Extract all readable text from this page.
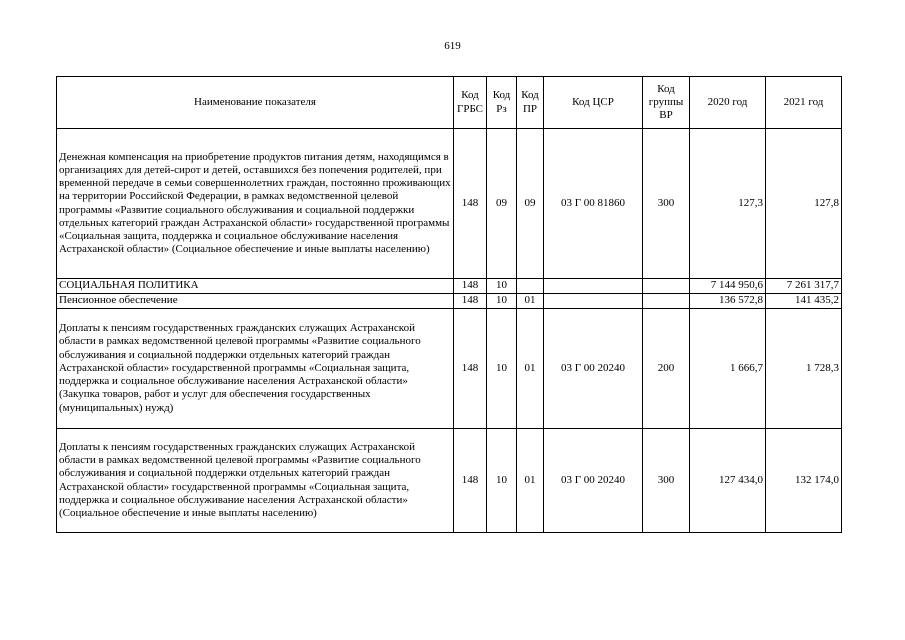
619
Наименование показателя	Код ГРБС	Код Рз	Код ПР	Код ЦСР	Код группы ВР	2020 год	2021 год
Денежная компенсация на приобретение продуктов питания детям, находящимся в организациях для детей-сирот и детей, оставшихся без попечения родителей, при временной передаче в семьи совершеннолетних граждан, постоянно проживающих на территории Российской Федерации, в рамках ведомственной целевой программы «Развитие социального обслуживания и социальной поддержки отдельных категорий граждан Астраханской области» государственной программы «Социальная защита, поддержка и социальное обслуживание населения Астраханской области» (Социальное обеспечение и иные выплаты населению)	148	09	09	03 Г 00 81860	300	127,3	127,8
СОЦИАЛЬНАЯ ПОЛИТИКА	148	10				7 144 950,6	7 261 317,7
Пенсионное обеспечение	148	10	01			136 572,8	141 435,2
Доплаты к пенсиям государственных гражданских служащих Астраханской области в рамках ведомственной целевой программы «Развитие социального обслуживания и социальной поддержки отдельных категорий граждан Астраханской области» государственной программы «Социальная защита, поддержка и социальное обслуживание населения Астраханской области» (Закупка товаров, работ и услуг для обеспечения государственных (муниципальных) нужд)	148	10	01	03 Г 00 20240	200	1 666,7	1 728,3
Доплаты к пенсиям государственных гражданских служащих Астраханской области в рамках ведомственной целевой программы «Развитие социального обслуживания и социальной поддержки отдельных категорий граждан Астраханской области» государственной программы «Социальная защита, поддержка и социальное обслуживание населения Астраханской области» (Социальное обеспечение и иные выплаты населению)	148	10	01	03 Г 00 20240	300	127 434,0	132 174,0
